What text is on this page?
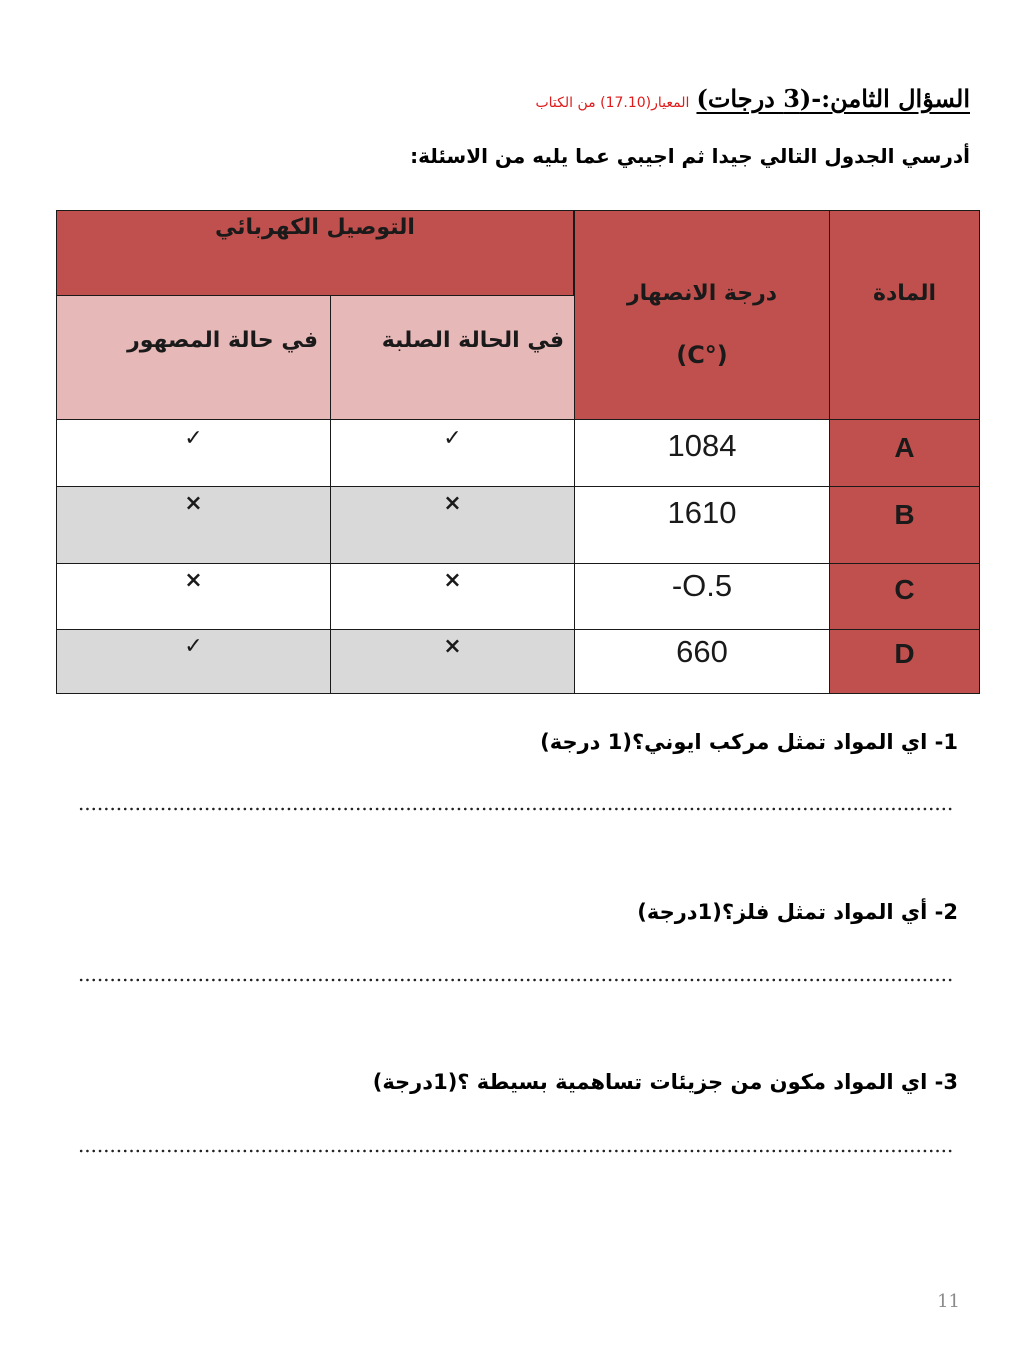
السؤال الثامن:-(3 درجات) المعيار(17.10) من الكتاب
أدرسي الجدول التالي جيدا ثم اجيبي عما يليه من الاسئلة:
التوصيل الكهربائي
في حالة المصهور	في الحالة الصلبة
درجة الانصهار
(C°)
المادة
✓	✓	1084	A
×	×	1610	B
×	×	-O.5	C
✓	×	660	D
1- اي المواد تمثل مركب ايوني؟(1 درجة)
2- أي المواد تمثل فلز؟(1درجة)
3- اي المواد مكون من جزيئات تساهمية بسيطة ؟(1درجة)
11
